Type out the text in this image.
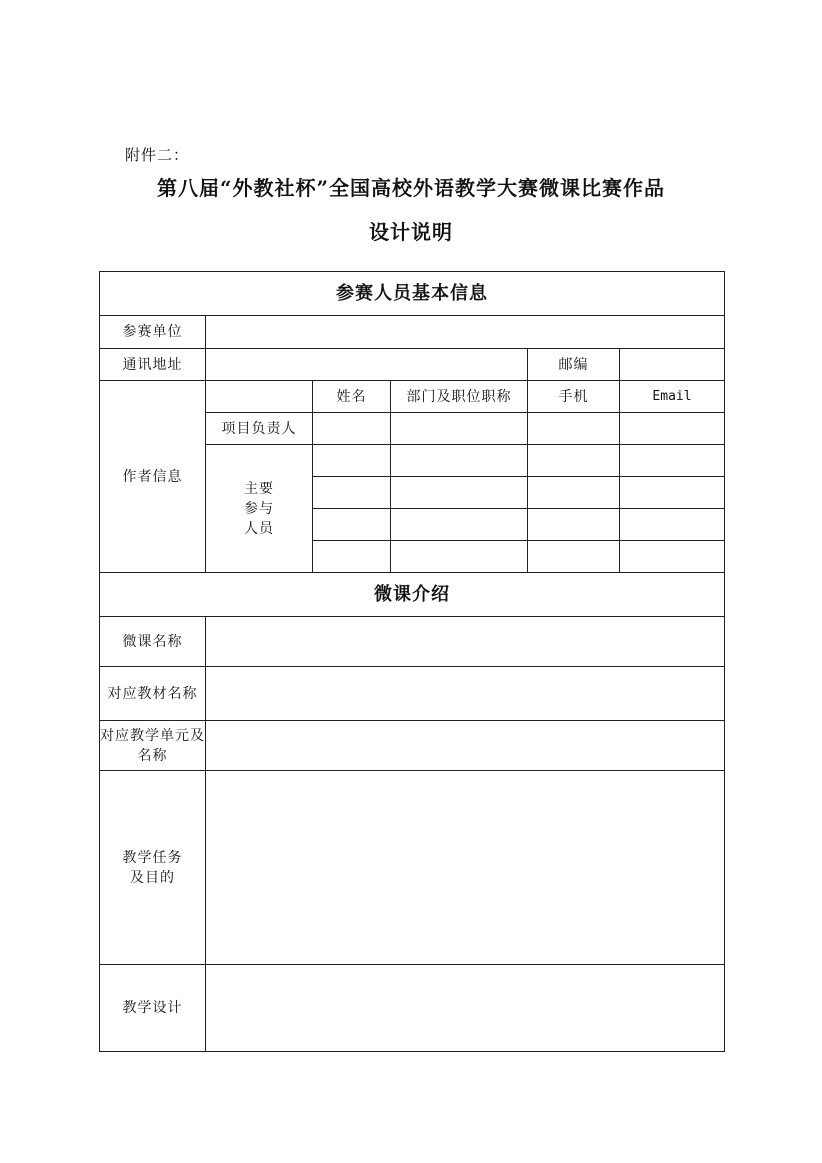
附件二：
第八届“外教社杯”全国高校外语教学大赛微课比赛作品
设计说明
参赛人员基本信息					
参赛单位					
通讯地址				邮编	
作者信息		姓名	部门及职位职称	手机	Email
	项目负责人				

	主要
参与
人员				

微课介绍					
微课名称					
对应教材名称					
对应教学单元及名称					

教学任务
及目的					

教学设计					
